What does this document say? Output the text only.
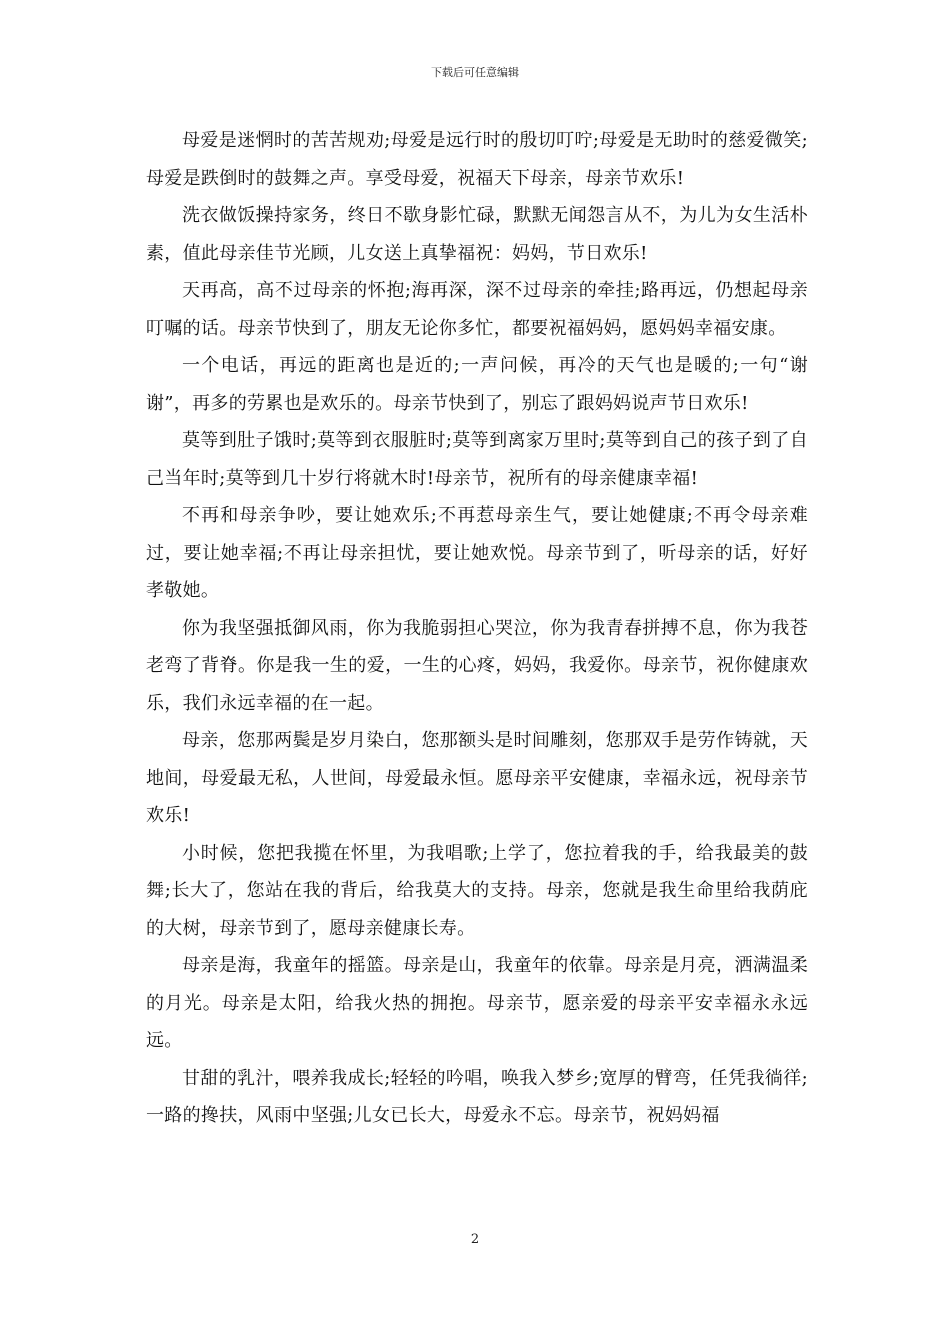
下载后可任意编辑

母爱是迷惘时的苦苦规劝;母爱是远行时的殷切叮咛;母爱是无助时的慈爱微笑;母爱是跌倒时的鼓舞之声。享受母爱，祝福天下母亲，母亲节欢乐!

洗衣做饭操持家务，终日不歇身影忙碌，默默无闻怨言从不，为儿为女生活朴素，值此母亲佳节光顾，儿女送上真挚福祝：妈妈，节日欢乐!

天再高，高不过母亲的怀抱;海再深，深不过母亲的牵挂;路再远，仍想起母亲叮嘱的话。母亲节快到了，朋友无论你多忙，都要祝福妈妈，愿妈妈幸福安康。

一个电话，再远的距离也是近的;一声问候，再冷的天气也是暖的;一句“谢谢”，再多的劳累也是欢乐的。母亲节快到了，别忘了跟妈妈说声节日欢乐!

莫等到肚子饿时;莫等到衣服脏时;莫等到离家万里时;莫等到自己的孩子到了自己当年时;莫等到几十岁行将就木时!母亲节，祝所有的母亲健康幸福!

不再和母亲争吵，要让她欢乐;不再惹母亲生气，要让她健康;不再令母亲难过，要让她幸福;不再让母亲担忧，要让她欢悦。母亲节到了，听母亲的话，好好孝敬她。

你为我坚强抵御风雨，你为我脆弱担心哭泣，你为我青春拼搏不息，你为我苍老弯了背脊。你是我一生的爱，一生的心疼，妈妈，我爱你。母亲节，祝你健康欢乐，我们永远幸福的在一起。

母亲，您那两鬓是岁月染白，您那额头是时间雕刻，您那双手是劳作铸就，天地间，母爱最无私，人世间，母爱最永恒。愿母亲平安健康，幸福永远，祝母亲节欢乐!

小时候，您把我揽在怀里，为我唱歌;上学了，您拉着我的手，给我最美的鼓舞;长大了，您站在我的背后，给我莫大的支持。母亲，您就是我生命里给我荫庇的大树，母亲节到了，愿母亲健康长寿。

母亲是海，我童年的摇篮。母亲是山，我童年的依靠。母亲是月亮，洒满温柔的月光。母亲是太阳，给我火热的拥抱。母亲节，愿亲爱的母亲平安幸福永永远远。

甘甜的乳汁，喂养我成长;轻轻的吟唱，唤我入梦乡;宽厚的臂弯，任凭我徜徉;一路的搀扶，风雨中坚强;儿女已长大，母爱永不忘。母亲节，祝妈妈福

2
